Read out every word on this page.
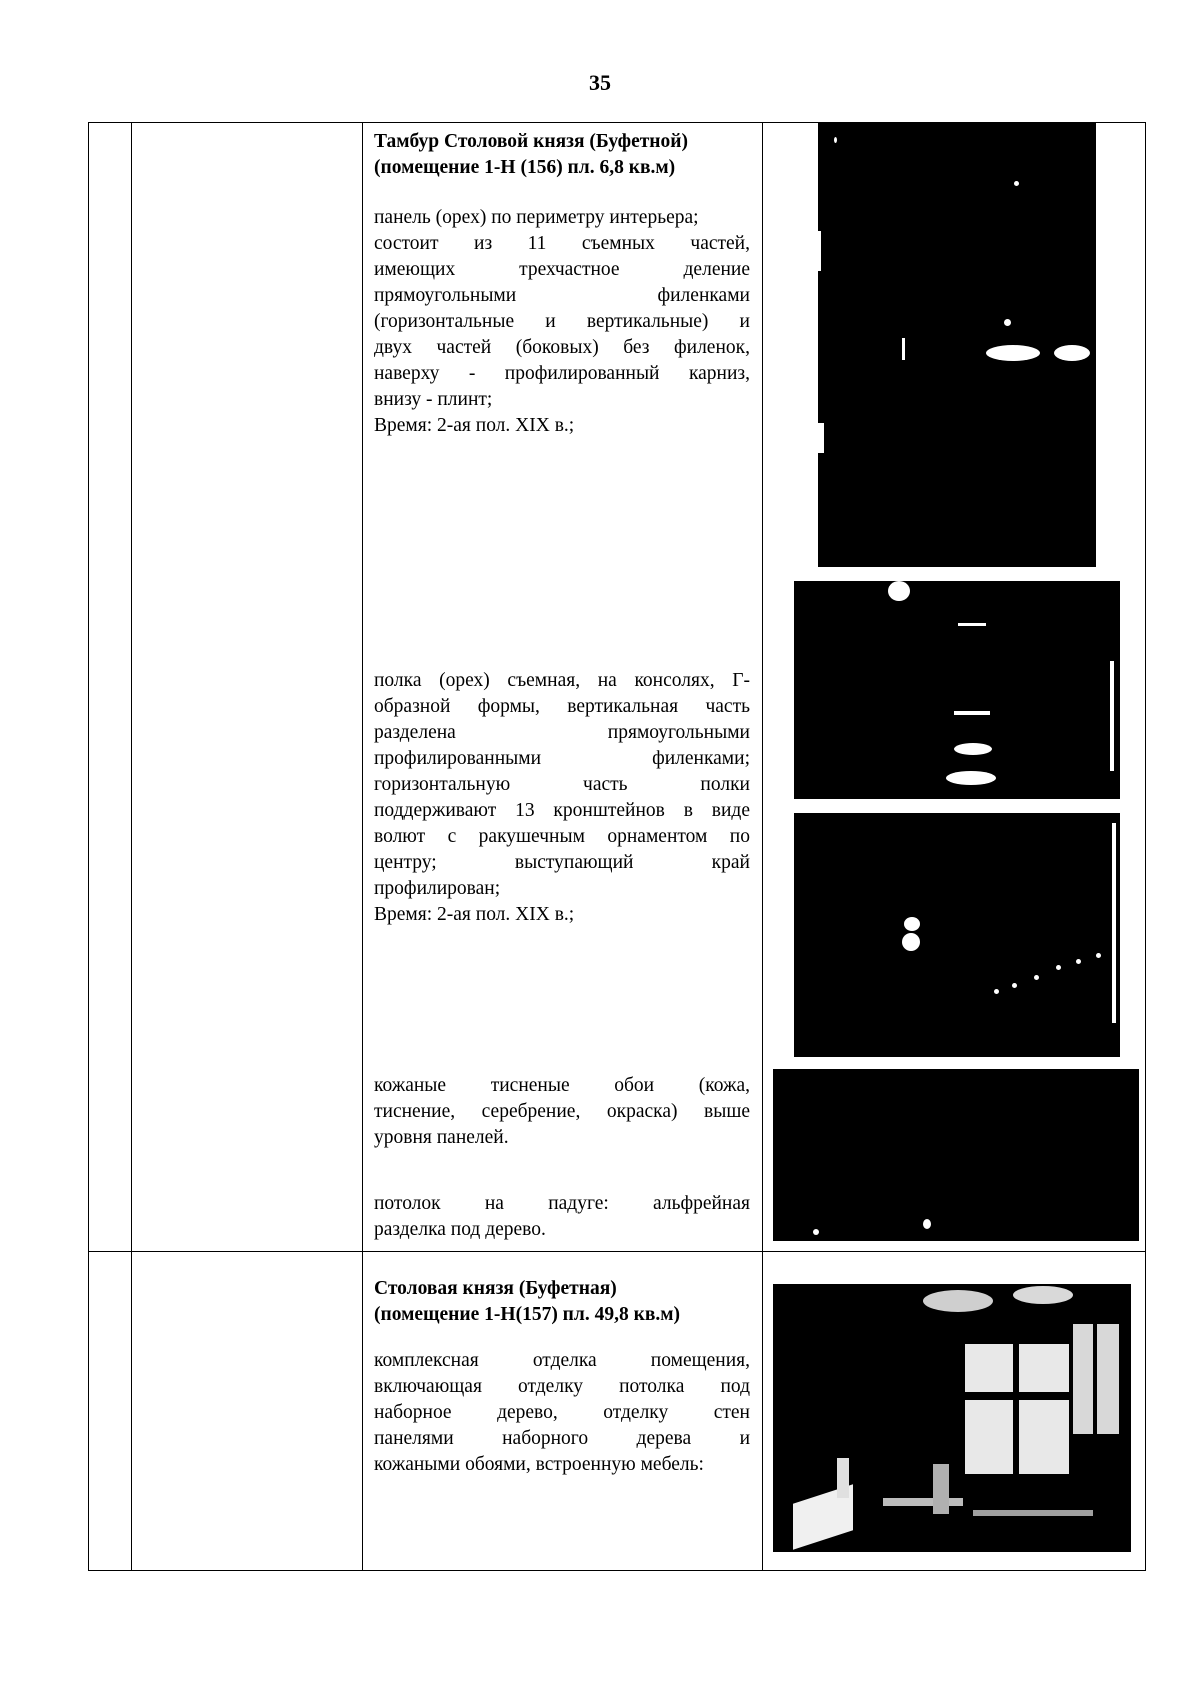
35
Тамбур Столовой князя (Буфетной)
(помещение 1-Н (156) пл. 6,8 кв.м)
панель (орех) по периметру интерьера;
состоит из 11 съемных частей,
имеющих трехчастное деление
прямоугольными филенками
(горизонтальные и вертикальные) и
двух частей (боковых) без филенок,
наверху - профилированный карниз,
внизу - плинт;
Время: 2-ая пол. XIX в.;
полка (орех) съемная, на консолях, Г-
образной формы, вертикальная часть
разделена прямоугольными
профилированными филенками;
горизонтальную часть полки
поддерживают 13 кронштейнов в виде
волют с ракушечным орнаментом по
центру; выступающий край
профилирован;
Время: 2-ая пол. XIX в.;
кожаные тисненые обои (кожа,
тиснение, серебрение, окраска) выше
уровня панелей.
потолок на падуге: альфрейная
разделка под дерево.
Столовая князя (Буфетная)
(помещение 1-Н(157) пл. 49,8 кв.м)
комплексная отделка помещения,
включающая отделку потолка под
наборное дерево, отделку стен
панелями наборного дерева и
кожаными обоями, встроенную мебель:
